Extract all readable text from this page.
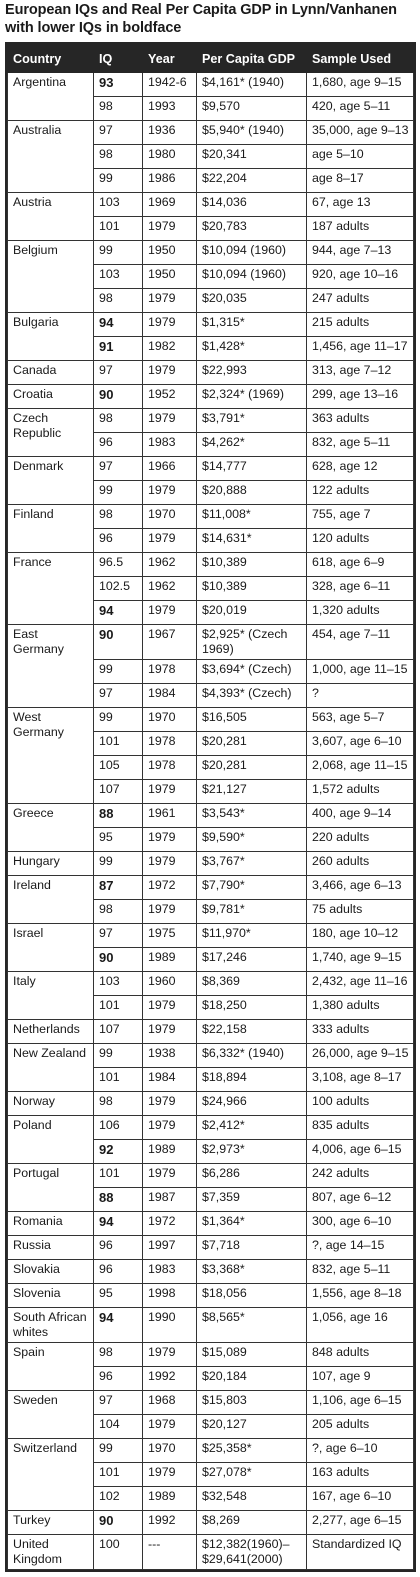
European IQs and Real Per Capita GDP in Lynn/Vanhanen
with lower IQs in boldface
Country	IQ	Year	Per Capita GDP	Sample Used
Argentina	93	1942-6	$4,161* (1940)	1,680, age 9–15
	98	1993	$9,570	420, age 5–11
Australia	97	1936	$5,940* (1940)	35,000, age 9–13
	98	1980	$20,341	age 5–10
	99	1986	$22,204	age 8–17
Austria	103	1969	$14,036	67, age 13
	101	1979	$20,783	187 adults
Belgium	99	1950	$10,094 (1960)	944, age 7–13
	103	1950	$10,094 (1960)	920, age 10–16
	98	1979	$20,035	247 adults
Bulgaria	94	1979	$1,315*	215 adults
	91	1982	$1,428*	1,456, age 11–17
Canada	97	1979	$22,993	313, age 7–12
Croatia	90	1952	$2,324* (1969)	299, age 13–16
Czech Republic	98	1979	$3,791*	363 adults
	96	1983	$4,262*	832, age 5–11
Denmark	97	1966	$14,777	628, age 12
	99	1979	$20,888	122 adults
Finland	98	1970	$11,008*	755, age 7
	96	1979	$14,631*	120 adults
France	96.5	1962	$10,389	618, age 6–9
	102.5	1962	$10,389	328, age 6–11
	94	1979	$20,019	1,320 adults
East Germany	90	1967	$2,925* (Czech 1969)	454, age 7–11
	99	1978	$3,694* (Czech)	1,000, age 11–15
	97	1984	$4,393* (Czech)	?
West Germany	99	1970	$16,505	563, age 5–7
	101	1978	$20,281	3,607, age 6–10
	105	1978	$20,281	2,068, age 11–15
	107	1979	$21,127	1,572 adults
Greece	88	1961	$3,543*	400, age 9–14
	95	1979	$9,590*	220 adults
Hungary	99	1979	$3,767*	260 adults
Ireland	87	1972	$7,790*	3,466, age 6–13
	98	1979	$9,781*	75 adults
Israel	97	1975	$11,970*	180, age 10–12
	90	1989	$17,246	1,740, age 9–15
Italy	103	1960	$8,369	2,432, age 11–16
	101	1979	$18,250	1,380 adults
Netherlands	107	1979	$22,158	333 adults
New Zealand	99	1938	$6,332* (1940)	26,000, age 9–15
	101	1984	$18,894	3,108, age 8–17
Norway	98	1979	$24,966	100 adults
Poland	106	1979	$2,412*	835 adults
	92	1989	$2,973*	4,006, age 6–15
Portugal	101	1979	$6,286	242 adults
	88	1987	$7,359	807, age 6–12
Romania	94	1972	$1,364*	300, age 6–10
Russia	96	1997	$7,718	?, age 14–15
Slovakia	96	1983	$3,368*	832, age 5–11
Slovenia	95	1998	$18,056	1,556, age 8–18
South African whites	94	1990	$8,565*	1,056, age 16
Spain	98	1979	$15,089	848 adults
	96	1992	$20,184	107, age 9
Sweden	97	1968	$15,803	1,106, age 6–15
	104	1979	$20,127	205 adults
Switzerland	99	1970	$25,358*	?, age 6–10
	101	1979	$27,078*	163 adults
	102	1989	$32,548	167, age 6–10
Turkey	90	1992	$8,269	2,277, age 6–15
United Kingdom	100	---	$12,382(1960)–$29,641(2000)	Standardized IQ
